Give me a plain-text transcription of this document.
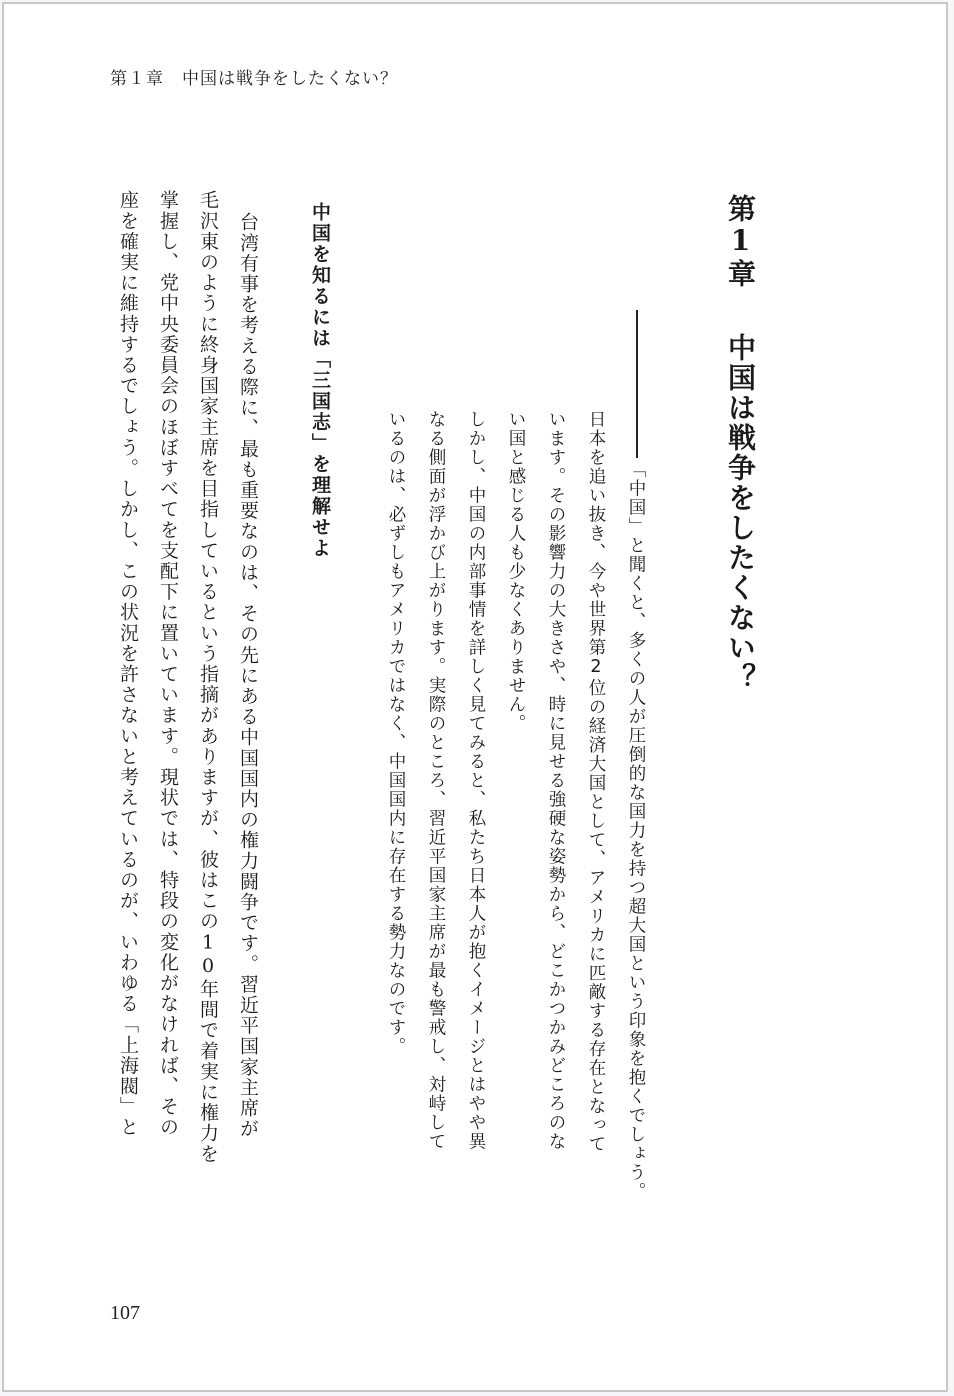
第１章 中国は戦争をしたくない？
第1章中国は戦争をしたくない？
「中国」と聞くと、多くの人が圧倒的な国力を持つ超大国という印象を抱くでしょう。
日本を追い抜き、今や世界第2位の経済大国として、アメリカに匹敵する存在となって
います。その影響力の大きさや、時に見せる強硬な姿勢から、どこかつかみどころのな
い国と感じる人も少なくありません。
しかし、中国の内部事情を詳しく見てみると、私たち日本人が抱くイメージとはやや異
なる側面が浮かび上がります。実際のところ、習近平国家主席が最も警戒し、対峙して
いるのは、必ずしもアメリカではなく、中国国内に存在する勢力なのです。
中国を知るには「三国志」を理解せよ
台湾有事を考える際に、最も重要なのは、その先にある中国国内の権力闘争です。習近平国家主席が
毛沢東のように終身国家主席を目指しているという指摘がありますが、彼はこの10年間で着実に権力を
掌握し、党中央委員会のほぼすべてを支配下に置いています。現状では、特段の変化がなければ、その
座を確実に維持するでしょう。しかし、この状況を許さないと考えているのが、いわゆる「上海閥」と
107
